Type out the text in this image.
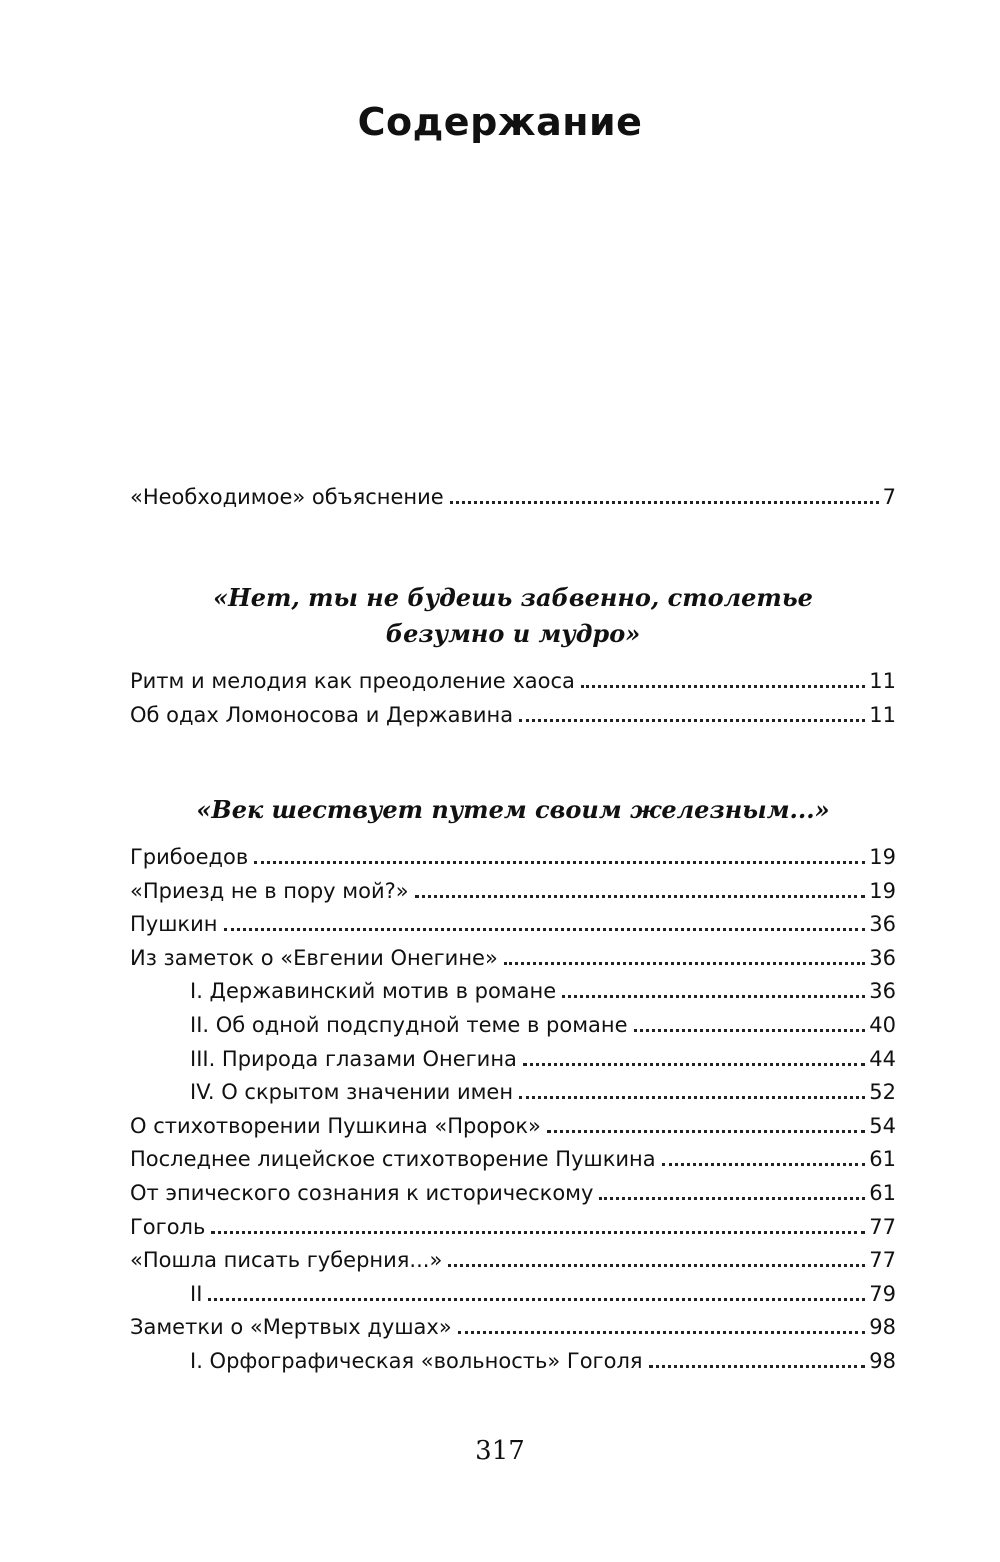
Содержание
«Необходимое» объяснение	7
«Нет, ты не будешь забвенно, столетье
безумно и мудро»
Ритм и мелодия как преодоление хаоса	11
Об одах Ломоносова и Державина	11
«Век шествует путем своим железным...»
Грибоедов	19
«Приезд не в пору мой?»	19
Пушкин	36
Из заметок о «Евгении Онегине»	36
I. Державинский мотив в романе	36
II. Об одной подспудной теме в романе	40
III. Природа глазами Онегина	44
IV. О скрытом значении имен	52
О стихотворении Пушкина «Пророк»	54
Последнее лицейское стихотворение Пушкина	61
От эпического сознания к историческому	61
Гоголь	77
«Пошла писать губерния...»	77
II	79
Заметки о «Мертвых душах»	98
I. Орфографическая «вольность» Гоголя	98

317
